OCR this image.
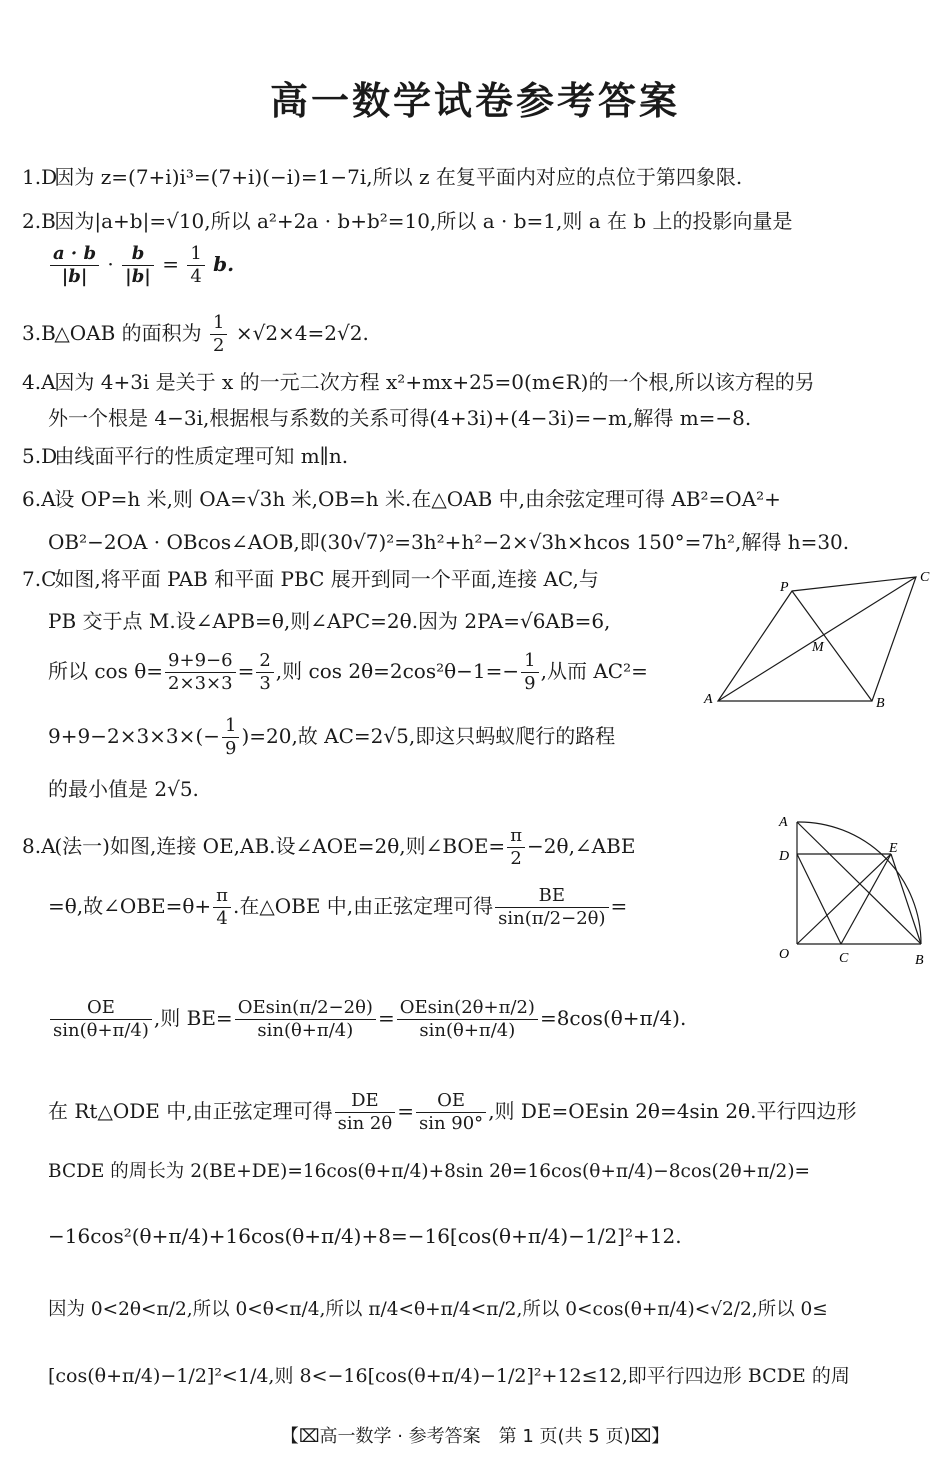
高一数学试卷参考答案
1.D 因为 z=(7+i)i³=(7+i)(−i)=1−7i,所以 z 在复平面内对应的点位于第四象限.
2.B 因为|a+b|=√10,所以 a²+2a · b+b²=10,所以 a · b=1,则 a 在 b 上的投影向量是
$\frac{a \cdot b}{|b|} \cdot \frac{b}{|b|} = \frac{1}{4} b$.
3.B △OAB 的面积为 $\frac{1}{2} \times√2\times 4=2√2$.
4.A 因为 4+3i 是关于 x 的一元二次方程 x²+mx+25=0(m∈R)的一个根,所以该方程的另
外一个根是 4−3i,根据根与系数的关系可得(4+3i)+(4−3i)=−m,解得 m=−8.
5.D 由线面平行的性质定理可知 m∥n.
6.A 设 OP=h 米,则 OA=√3h 米,OB=h 米.在△OAB 中,由余弦定理可得 AB²=OA²+
OB²−2OA · OBcos∠AOB,即(30√7)²=3h²+h²−2×√3h×hcos 150°=7h²,解得 h=30.
7.C 如图,将平面 PAB 和平面 PBC 展开到同一个平面,连接 AC,与
PB 交于点 M.设∠APB=θ,则∠APC=2θ.因为 2PA=√6AB=6,
所以 $\cos \theta= \frac{9+9-6}{2\times 3\times 3} = \frac{2}{3}$ ,则 $\cos 2\theta=2\cos^2\theta-1=- \frac{1}{9}$ ,从而 AC²=
$9+9-2\times 3\times 3\times(- \frac{1}{9} )=20$,故 AC=2√5,即这只蚂蚁爬行的路程
的最小值是 2√5.
P
C
M
A	B
8.A (法一)如图,连接 OE,AB.设∠AOE=2θ,则∠BOE= $\frac{\pi}{2}$ −2θ,∠ABE
=θ,故∠OBE=θ+ $\frac{\pi}{4}$ .在△OBE 中,由正弦定理可得 $\frac{BE}{\sin(\pi/2-2\theta)}$ =
$\frac{OE}{\sin(\theta+\pi/4)}$ ,则 $BE= \frac{OEsin(\pi/2-2\theta)}{\sin(\theta+\pi/4)} = \frac{OEsin(2\theta+\pi/2)}{\sin(\theta+\pi/4)} =8\cos(\theta+\pi/4)$.
在 Rt△ODE 中,由正弦定理可得 $\frac{DE}{\sin 2\theta} = \frac{OE}{\sin 90^\circ}$ ,则 DE=OEsin 2θ=4sin 2θ.平行四边形
BCDE 的周长为 2(BE+DE)=16cos(θ+π/4)+8sin 2θ=16cos(θ+π/4)−8cos(2θ+π/2)=
−16cos²(θ+π/4)+16cos(θ+π/4)+8=−16[cos(θ+π/4)−1/2]²+12.
因为 0<2θ<π/2,所以 0<θ<π/4,所以 π/4<θ+π/4<π/2,所以 0<cos(θ+π/4)<√2/2,所以 0≤
[cos(θ+π/4)−1/2]²<1/4,则 8<−16[cos(θ+π/4)−1/2]²+12≤12,即平行四边形 BCDE 的周
A
D
E
O	C	B
【⌧高一数学 · 参考答案　第 1 页(共 5 页)⌧】
